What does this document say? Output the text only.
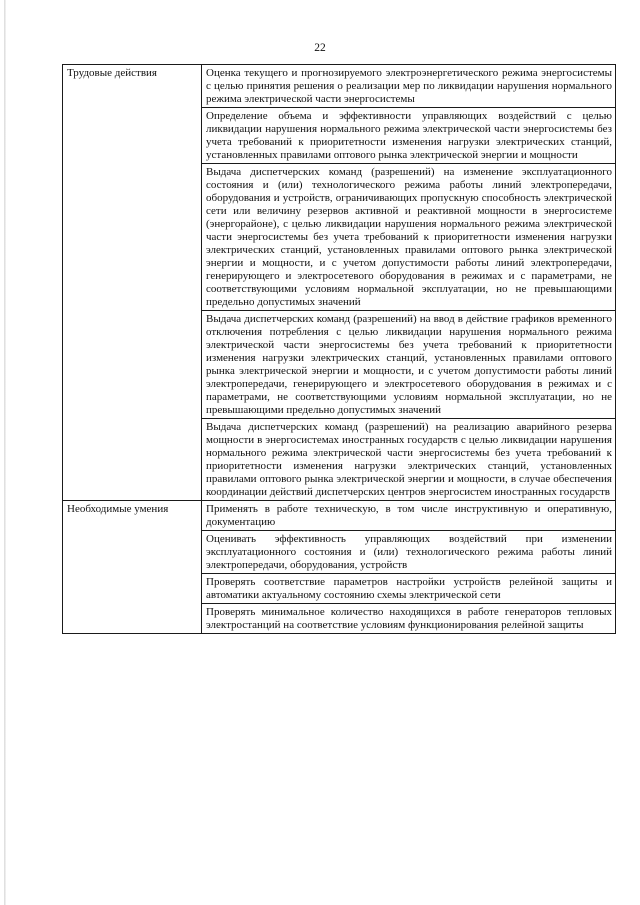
22
Трудовые действия	Оценка текущего и прогнозируемого электроэнергетического режима энергосистемы с целью принятия решения о реализации мер по ликвидации нарушения нормального режима электрической части энергосистемы
	Определение объема и эффективности управляющих воздействий с целью ликвидации нарушения нормального режима электрической части энергосистемы без учета требований к приоритетности изменения нагрузки электрических станций, установленных правилами оптового рынка электрической энергии и мощности
	Выдача диспетчерских команд (разрешений) на изменение эксплуатационного состояния и (или) технологического режима работы линий электропередачи, оборудования и устройств, ограничивающих пропускную способность электрической сети или величину резервов активной и реактивной мощности в энергосистеме (энергорайоне), с целью ликвидации нарушения нормального режима электрической части энергосистемы без учета требований к приоритетности изменения нагрузки электрических станций, установленных правилами оптового рынка электрической энергии и мощности, и с учетом допустимости работы линий электропередачи, генерирующего и электросетевого оборудования в режимах и с параметрами, не соответствующими условиям нормальной эксплуатации, но не превышающими предельно допустимых значений
	Выдача диспетчерских команд (разрешений) на ввод в действие графиков временного отключения потребления с целью ликвидации нарушения нормального режима электрической части энергосистемы без учета требований к приоритетности изменения нагрузки электрических станций, установленных правилами оптового рынка электрической энергии и мощности, и с учетом допустимости работы линий электропередачи, генерирующего и электросетевого оборудования в режимах и с параметрами, не соответствующими условиям нормальной эксплуатации, но не превышающими предельно допустимых значений
	Выдача диспетчерских команд (разрешений) на реализацию аварийного резерва мощности в энергосистемах иностранных государств с целью ликвидации нарушения нормального режима электрической части энергосистемы без учета требований к приоритетности изменения нагрузки электрических станций, установленных правилами оптового рынка электрической энергии и мощности, в случае обеспечения координации действий диспетчерских центров энергосистем иностранных государств
Необходимые умения	Применять в работе техническую, в том числе инструктивную и оперативную, документацию
	Оценивать эффективность управляющих воздействий при изменении эксплуатационного состояния и (или) технологического режима работы линий электропередачи, оборудования, устройств
	Проверять соответствие параметров настройки устройств релейной защиты и автоматики актуальному состоянию схемы электрической сети
	Проверять минимальное количество находящихся в работе генераторов тепловых электростанций на соответствие условиям функционирования релейной защиты
